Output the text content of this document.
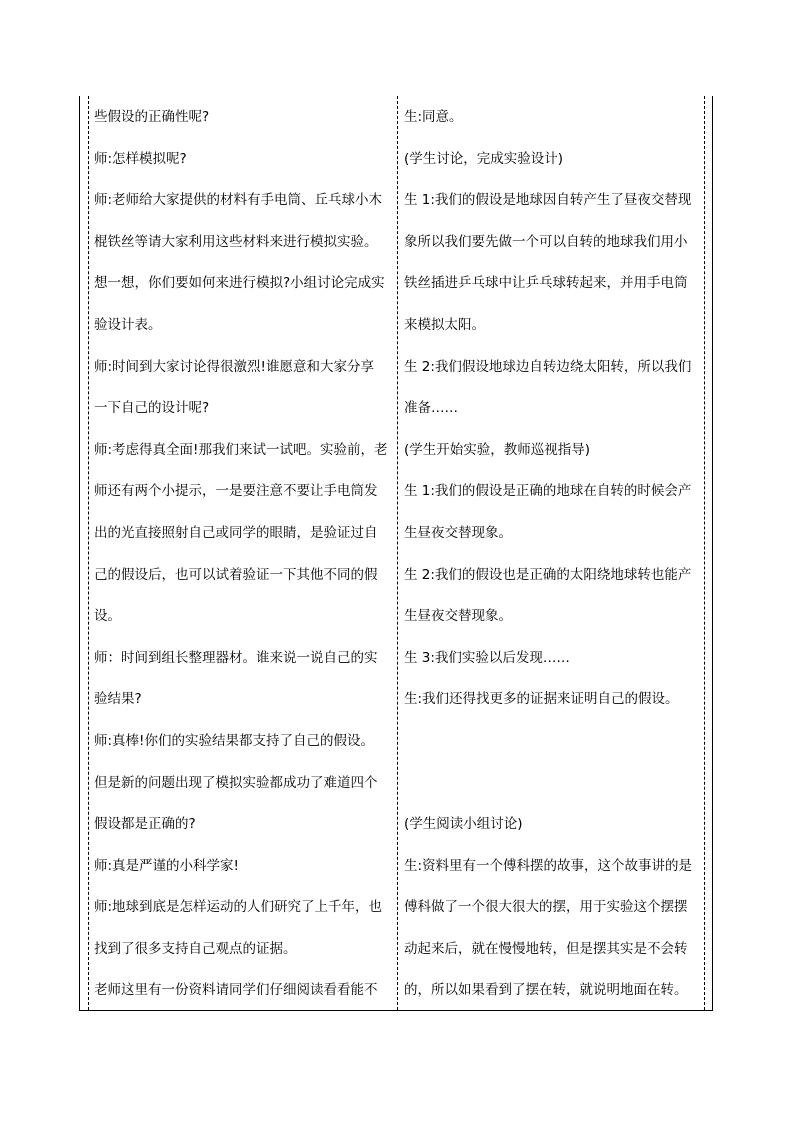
些假设的正确性呢?
师:怎样模拟呢?
师:老师给大家提供的材料有手电筒、丘乓球小木
棍铁丝等请大家利用这些材料来进行模拟实验。
想一想，你们要如何来进行模拟?小组讨论完成实
验设计表。
师:时间到大家讨论得很激烈!谁愿意和大家分享
一下自己的设计呢?
师:考虑得真全面!那我们来试一试吧。实验前，老
师还有两个小提示，一是要注意不要让手电筒发
出的光直接照射自己或同学的眼睛，是验证过自
己的假设后，也可以试着验证一下其他不同的假
设。
师：时间到组长整理器材。谁来说一说自己的实
验结果?
师:真棒!你们的实验结果都支持了自己的假设。
但是新的问题出现了模拟实验都成功了难道四个
假设都是正确的?
师:真是严谨的小科学家!
师:地球到底是怎样运动的人们研究了上千年，也
找到了很多支持自己观点的证据。
老师这里有一份资料请同学们仔细阅读看看能不
生:同意。
(学生讨论，完成实验设计)
生 1:我们的假设是地球因自转产生了昼夜交替现
象所以我们要先做一个可以自转的地球我们用小
铁丝插进乒乓球中让乒乓球转起来，并用手电筒
来模拟太阳。
生 2:我们假设地球边自转边绕太阳转，所以我们
准备……
(学生开始实验，教师巡视指导)
生 1:我们的假设是正确的地球在自转的时候会产
生昼夜交替现象。
生 2:我们的假设也是正确的太阳绕地球转也能产
生昼夜交替现象。
生 3:我们实验以后发现……
生:我们还得找更多的证据来证明自己的假设。
(学生阅读小组讨论)
生:资料里有一个傅科摆的故事，这个故事讲的是
傅科做了一个很大很大的摆，用于实验这个摆摆
动起来后，就在慢慢地转，但是摆其实是不会转
的，所以如果看到了摆在转，就说明地面在转。
